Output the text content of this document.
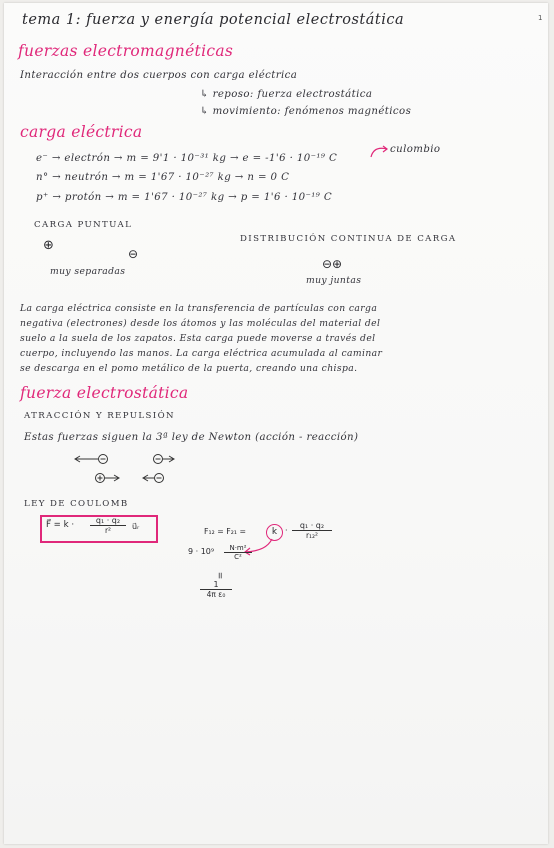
tema 1: fuerza y energía potencial electrostática	1
fuerzas electromagnéticas
Interacción entre dos cuerpos con carga eléctrica
↳ reposo: fuerza electrostática
↳ movimiento: fenómenos magnéticos
carga eléctrica
e⁻ → electrón → m = 9'1 · 10⁻³¹ kg → e = -1'6 · 10⁻¹⁹ C
culombio
n° → neutrón → m = 1'67 · 10⁻²⁷ kg → n = 0 C
p⁺ → protón → m = 1'67 · 10⁻²⁷ kg → p = 1'6 · 10⁻¹⁹ C
CARGA PUNTUAL
DISTRIBUCIÓN CONTINUA DE CARGA
⊕
⊖
muy separadas
⊖⊕
muy juntas
La carga eléctrica consiste en la transferencia de partículas con carga
negativa (electrones) desde los átomos y las moléculas del material del
suelo a la suela de los zapatos. Esta carga puede moverse a través del
cuerpo, incluyendo las manos. La carga eléctrica acumulada al caminar
se descarga en el pomo metálico de la puerta, creando una chispa.
fuerza electrostática
ATRACCIÓN Y REPULSIÓN
Estas fuerzas siguen la 3ª ley de Newton (acción - reacción)
LEY DE COULOMB
F⃗ = $k \cdot \frac{\text{q₁ · q₂}}{\text{r²}}$ u⃗ᵣ
F₁₂ = F₂₁ =	$k \cdot \frac{\text{q₁ · q₂}}{\text{r₁₂²}}$
$9 \cdot 10^9 \frac{\text{N·m²}}{\text{C²}}$
=
$\frac{1}{\text{4π ε₀}}$
